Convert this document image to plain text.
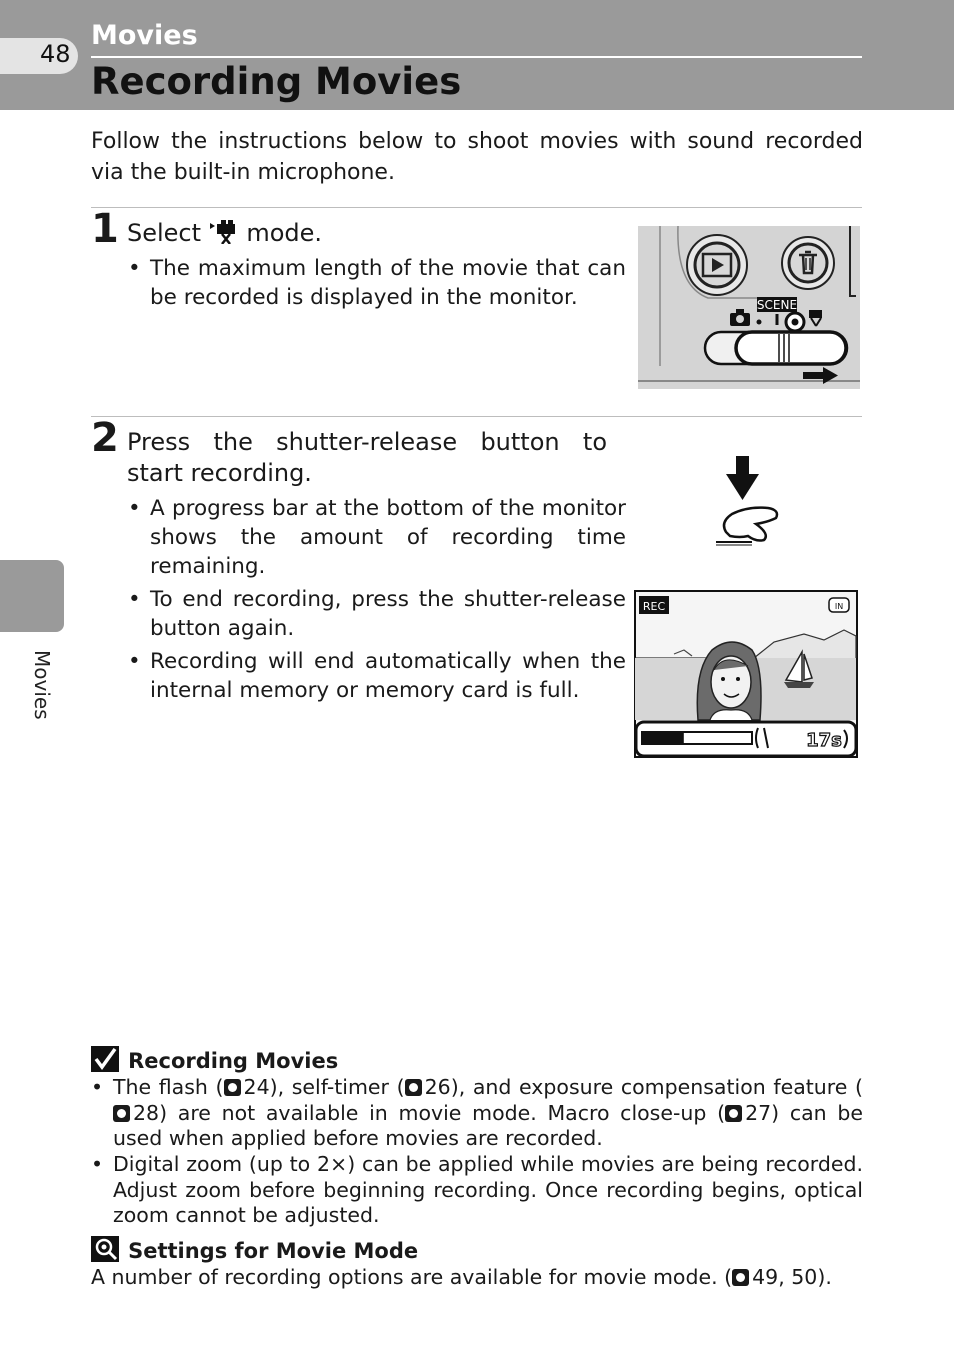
48
Movies
Recording Movies
Movies
Follow the instructions below to shoot movies with sound recorded via the built-in microphone.
1 Select mode.
• The maximum length of the movie that can be recorded is displayed in the monitor.	SCENE
2 Press the shutter-release button to start recording.
• A progress bar at the bottom of the monitor shows the amount of recording time remaining.
• To end recording, press the shutter-release button again.
• Recording will end automatically when the internal memory or memory card is full.
REC	IN
17s
Recording Movies
• The flash ( 24), self-timer ( 26), and exposure compensation feature (28) are not available in movie mode. Macro close-up ( 27) can be used when applied before movies are recorded.
• Digital zoom (up to 2×) can be applied while movies are being recorded. Adjust zoom before beginning recording. Once recording begins, optical zoom cannot be adjusted.
Settings for Movie Mode
A number of recording options are available for movie mode. ( 49, 50).
